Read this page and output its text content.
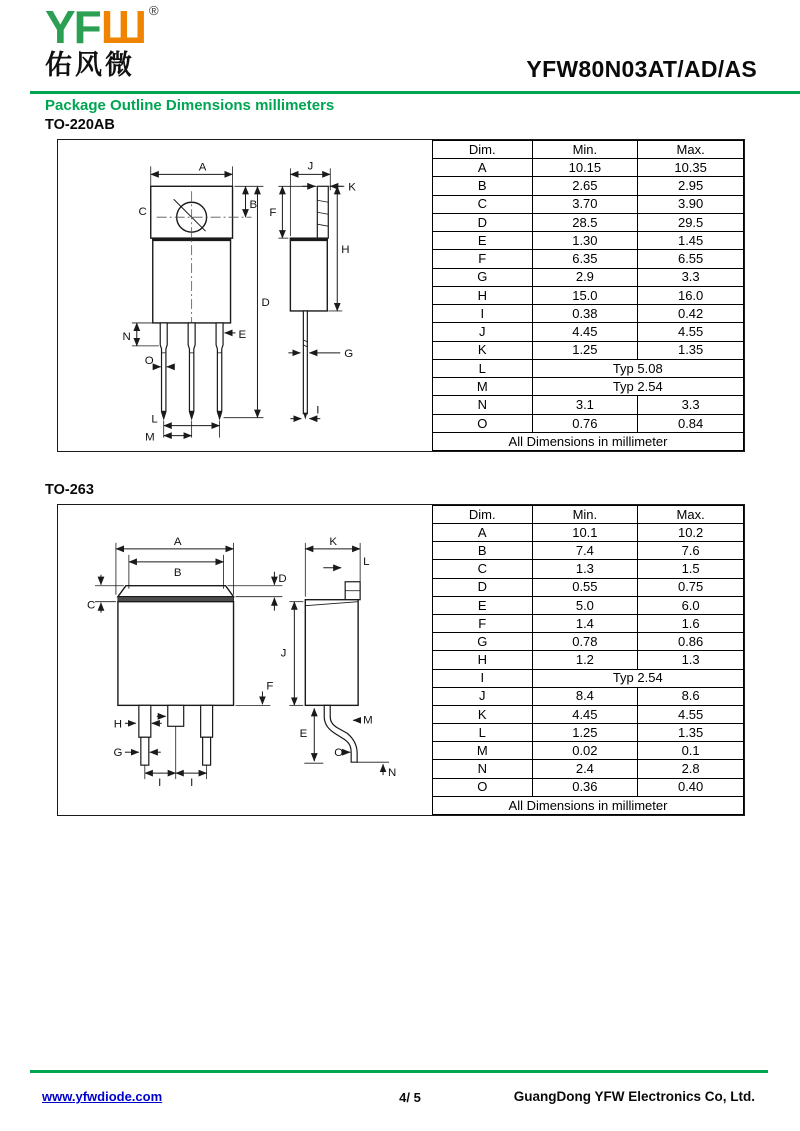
YF Ш ®
佑风微	YFW80N03AT/AD/AS
Package Outline Dimensions millimeters
TO-220AB
A
C
B
D
N	E
O
L
M
J
K
F
H
G
I
Dim.	Min.	Max.
A	10.15	10.35
B	2.65	2.95
C	3.70	3.90
D	28.5	29.5
E	1.30	1.45
F	6.35	6.55
G	2.9	3.3
H	15.0	16.0
I	0.38	0.42
J	4.45	4.55
K	1.25	1.35
L	Typ 5.08	
M	Typ 2.54	
N	3.1	3.3
O	0.76	0.84
All Dimensions in millimeter		
TO-263
A
B	D
C
F
H
G
I I
K
L
J
E
M
O
N
Dim.	Min.	Max.
A	10.1	10.2
B	7.4	7.6
C	1.3	1.5
D	0.55	0.75
E	5.0	6.0
F	1.4	1.6
G	0.78	0.86
H	1.2	1.3
I	Typ 2.54	
J	8.4	8.6
K	4.45	4.55
L	1.25	1.35
M	0.02	0.1
N	2.4	2.8
O	0.36	0.40
All Dimensions in millimeter		
www.yfwdiode.com	4/ 5	GuangDong YFW Electronics Co, Ltd.
